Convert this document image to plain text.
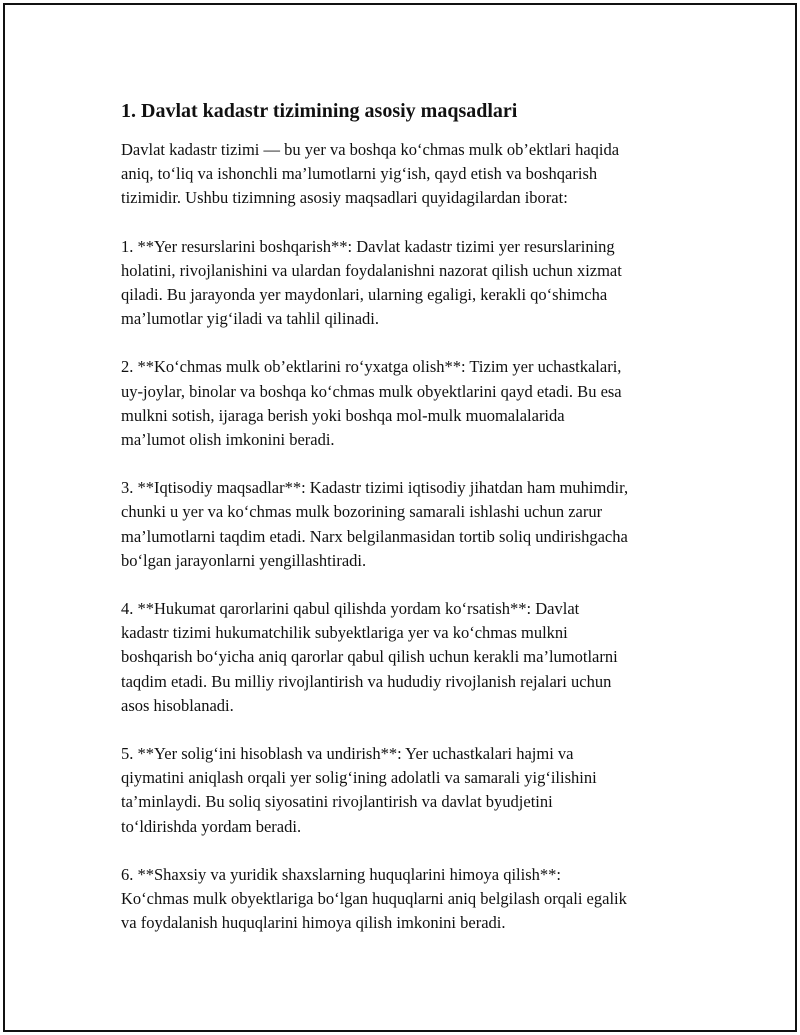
1. Davlat kadastr tizimining asosiy maqsadlari

Davlat kadastr tizimi — bu yer va boshqa ko‘chmas mulk ob’ektlari haqida
aniq, to‘liq va ishonchli ma’lumotlarni yig‘ish, qayd etish va boshqarish
tizimidir. Ushbu tizimning asosiy maqsadlari quyidagilardan iborat:

1. **Yer resurslarini boshqarish**: Davlat kadastr tizimi yer resurslarining
holatini, rivojlanishini va ulardan foydalanishni nazorat qilish uchun xizmat
qiladi. Bu jarayonda yer maydonlari, ularning egaligi, kerakli qo‘shimcha
ma’lumotlar yig‘iladi va tahlil qilinadi.

2. **Ko‘chmas mulk ob’ektlarini ro‘yxatga olish**: Tizim yer uchastkalari,
uy-joylar, binolar va boshqa ko‘chmas mulk obyektlarini qayd etadi. Bu esa
mulkni sotish, ijaraga berish yoki boshqa mol-mulk muomalalarida
ma’lumot olish imkonini beradi.

3. **Iqtisodiy maqsadlar**: Kadastr tizimi iqtisodiy jihatdan ham muhimdir,
chunki u yer va ko‘chmas mulk bozorining samarali ishlashi uchun zarur
ma’lumotlarni taqdim etadi. Narx belgilanmasidan tortib soliq undirishgacha
bo‘lgan jarayonlarni yengillashtiradi.

4. **Hukumat qarorlarini qabul qilishda yordam ko‘rsatish**: Davlat
kadastr tizimi hukumatchilik subyektlariga yer va ko‘chmas mulkni
boshqarish bo‘yicha aniq qarorlar qabul qilish uchun kerakli ma’lumotlarni
taqdim etadi. Bu milliy rivojlantirish va hududiy rivojlanish rejalari uchun
asos hisoblanadi.

5. **Yer solig‘ini hisoblash va undirish**: Yer uchastkalari hajmi va
qiymatini aniqlash orqali yer solig‘ining adolatli va samarali yig‘ilishini
ta’minlaydi. Bu soliq siyosatini rivojlantirish va davlat byudjetini
to‘ldirishda yordam beradi.

6. **Shaxsiy va yuridik shaxslarning huquqlarini himoya qilish**:
Ko‘chmas mulk obyektlariga bo‘lgan huquqlarni aniq belgilash orqali egalik
va foydalanish huquqlarini himoya qilish imkonini beradi.
